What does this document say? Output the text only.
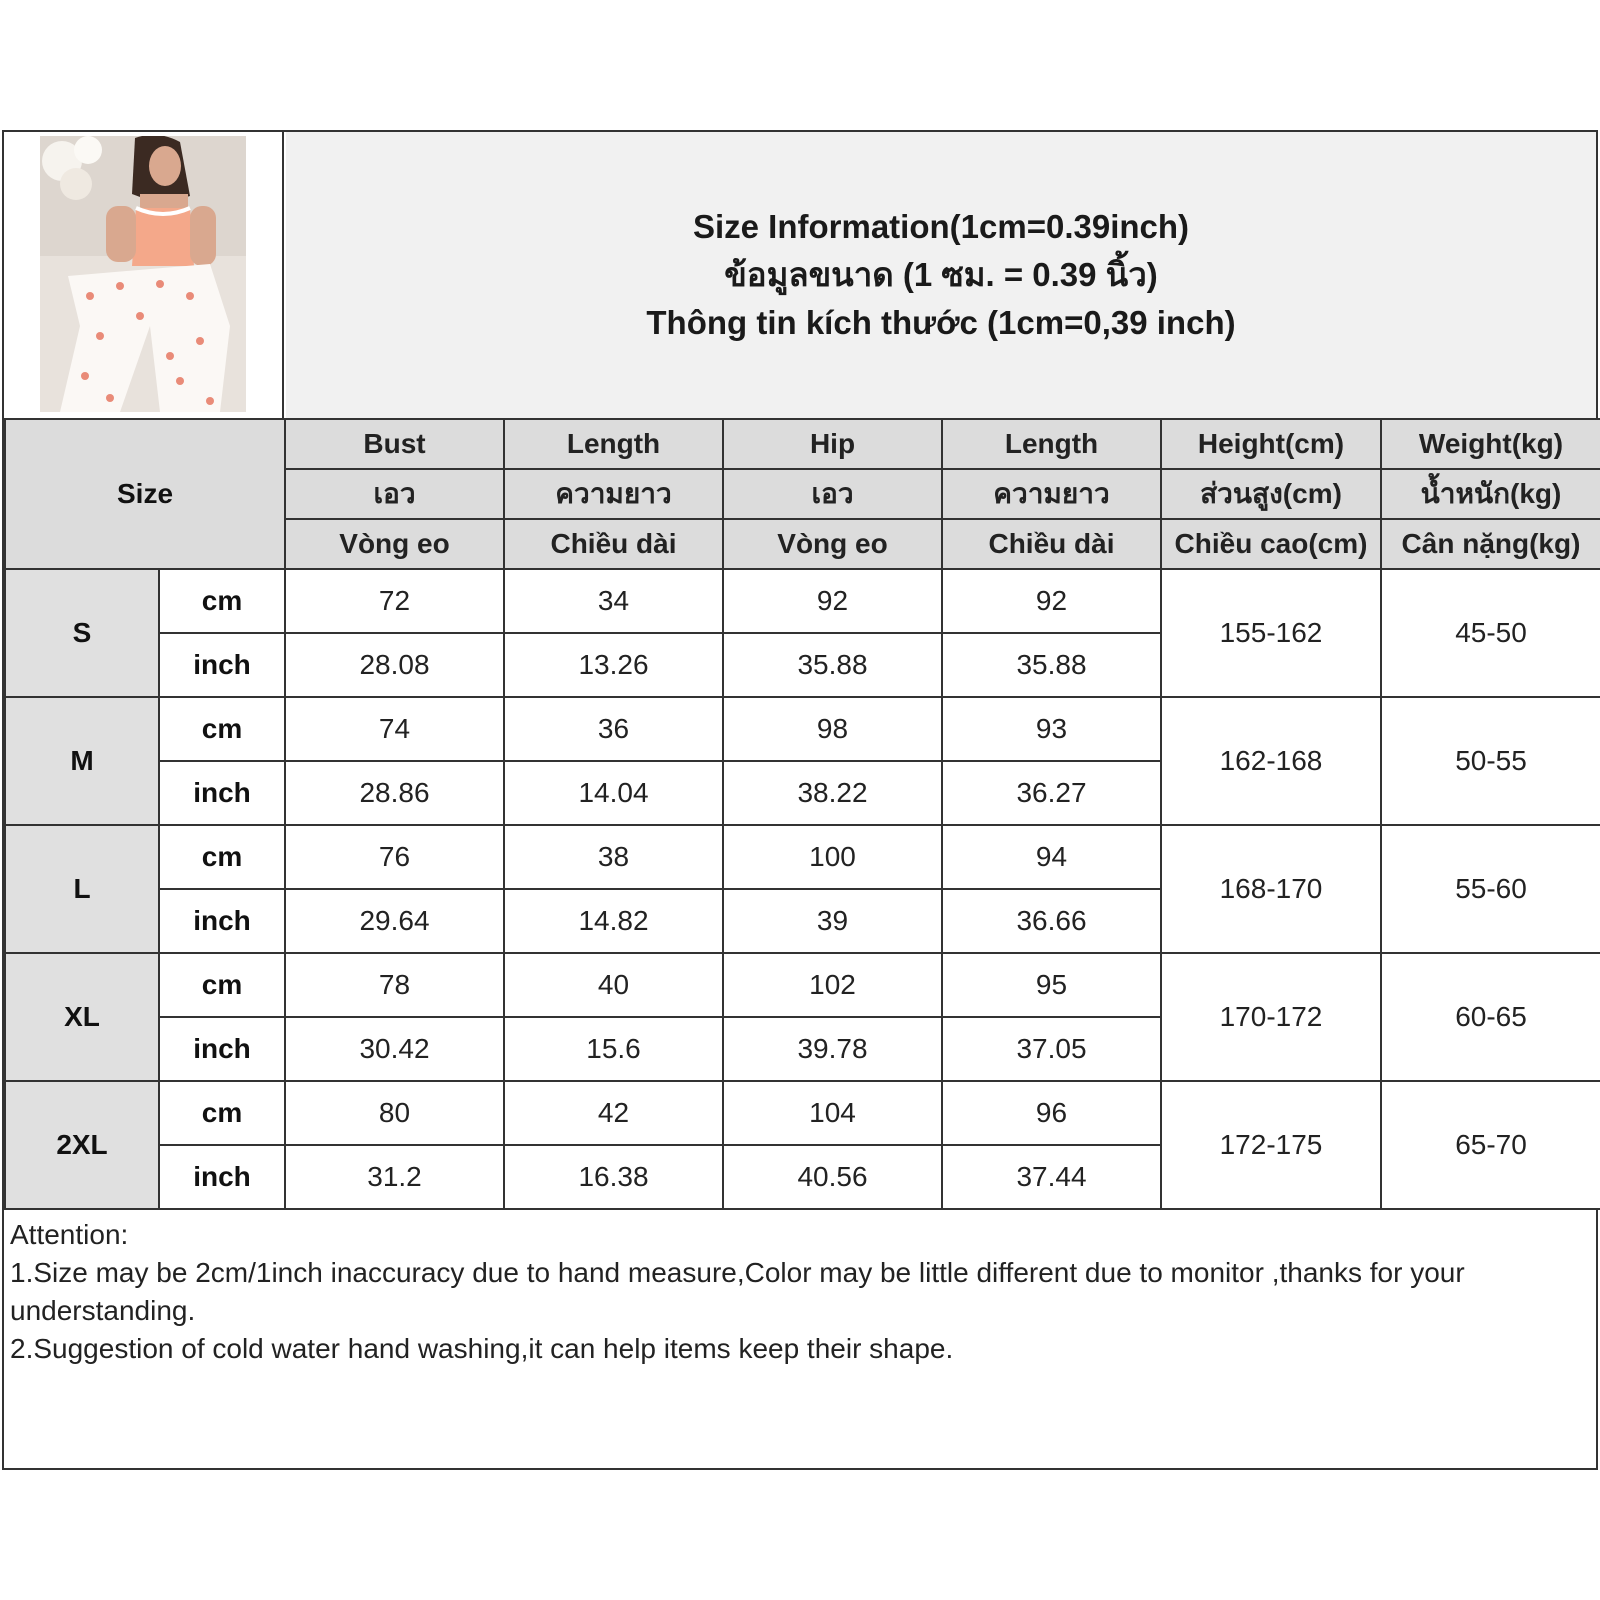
Size Information(1cm=0.39inch)
ข้อมูลขนาด (1 ซม. = 0.39 นิ้ว)
Thông tin kích thước (1cm=0,39 inch)
Size		Bust	Length	Hip	Length	Height(cm)	Weight(kg)
		เอว	ความยาว	เอว	ความยาว	ส่วนสูง(cm)	น้ำหนัก(kg)
		Vòng eo	Chiều dài	Vòng eo	Chiều dài	Chiều cao(cm)	Cân nặng(kg)
S	cm	72	34	92	92	155-162	45-50
	inch	28.08	13.26	35.88	35.88		
M	cm	74	36	98	93	162-168	50-55
	inch	28.86	14.04	38.22	36.27		
L	cm	76	38	100	94	168-170	55-60
	inch	29.64	14.82	39	36.66		
XL	cm	78	40	102	95	170-172	60-65
	inch	30.42	15.6	39.78	37.05		
2XL	cm	80	42	104	96	172-175	65-70
	inch	31.2	16.38	40.56	37.44		
Attention:
1.Size may be 2cm/1inch inaccuracy due to hand measure,Color may be little different due to monitor ,thanks for your understanding.
2.Suggestion of cold water hand washing,it can help items keep their shape.
